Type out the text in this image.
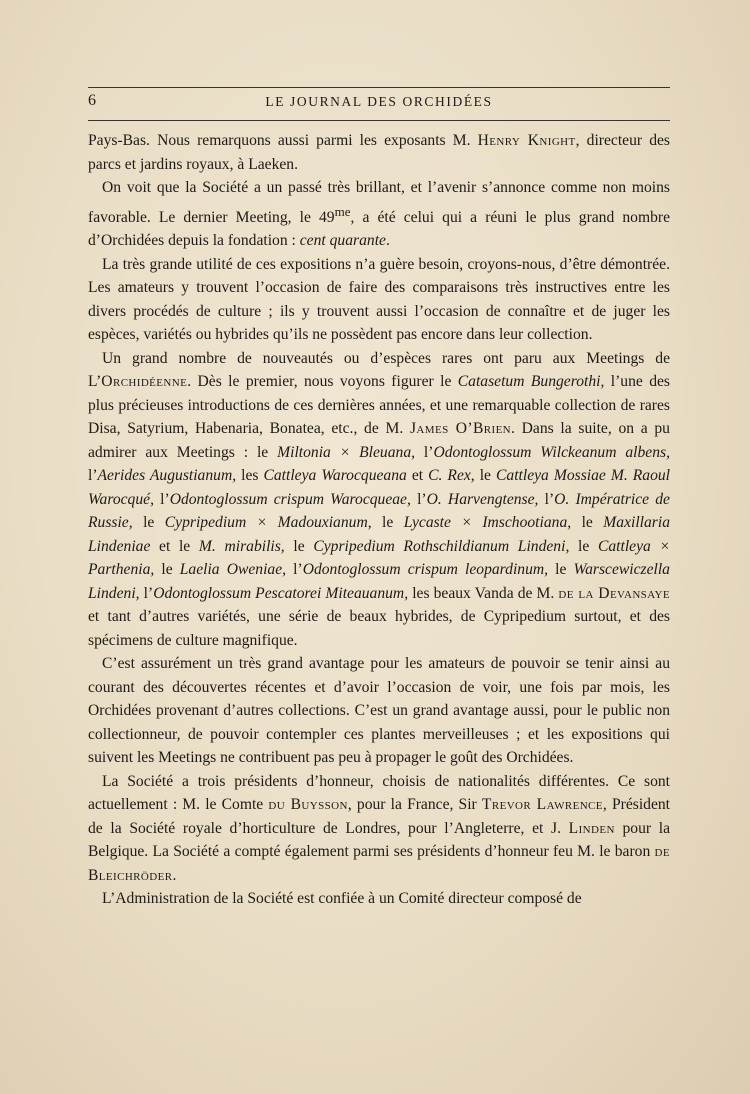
6	LE JOURNAL DES ORCHIDÉES

Pays-Bas. Nous remarquons aussi parmi les exposants M. Henry Knight, directeur des parcs et jardins royaux, à Laeken.

On voit que la Société a un passé très brillant, et l’avenir s’annonce comme non moins favorable. Le dernier Meeting, le $49^{me}$, a été celui qui a réuni le plus grand nombre d’Orchidées depuis la fondation : cent quarante.

La très grande utilité de ces expositions n’a guère besoin, croyons-nous, d’être démontrée. Les amateurs y trouvent l’occasion de faire des comparaisons très instructives entre les divers procédés de culture ; ils y trouvent aussi l’occasion de connaître et de juger les espèces, variétés ou hybrides qu’ils ne possèdent pas encore dans leur collection.

Un grand nombre de nouveautés ou d’espèces rares ont paru aux Meetings de L’Orchidéenne. Dès le premier, nous voyons figurer le Catasetum Bungerothi, l’une des plus précieuses introductions de ces dernières années, et une remarquable collection de rares Disa, Satyrium, Habenaria, Bonatea, etc., de M. James O’Brien. Dans la suite, on a pu admirer aux Meetings : le Miltonia × Bleuana, l’Odontoglossum Wilckeanum albens, l’Aerides Augustianum, les Cattleya Warocqueana et C. Rex, le Cattleya Mossiae M. Raoul Warocqué, l’Odontoglossum crispum Warocqueae, l’O. Harvengtense, l’O. Impératrice de Russie, le Cypripedium × Madouxianum, le Lycaste × Imschootiana, le Maxillaria Lindeniae et le M. mirabilis, le Cypripedium Rothschildianum Lindeni, le Cattleya × Parthenia, le Laelia Oweniae, l’Odontoglossum crispum leopardinum, le Warscewiczella Lindeni, l’Odontoglossum Pescatorei Miteauanum, les beaux Vanda de M. de la Devansaye et tant d’autres variétés, une série de beaux hybrides, de Cypripedium surtout, et des spécimens de culture magnifique.

C’est assurément un très grand avantage pour les amateurs de pouvoir se tenir ainsi au courant des découvertes récentes et d’avoir l’occasion de voir, une fois par mois, les Orchidées provenant d’autres collections. C’est un grand avantage aussi, pour le public non collectionneur, de pouvoir contempler ces plantes merveilleuses ; et les expositions qui suivent les Meetings ne contribuent pas peu à propager le goût des Orchidées.

La Société a trois présidents d’honneur, choisis de nationalités différentes. Ce sont actuellement : M. le Comte du Buysson, pour la France, Sir Trevor Lawrence, Président de la Société royale d’horticulture de Londres, pour l’Angleterre, et J. Linden pour la Belgique. La Société a compté également parmi ses présidents d’honneur feu M. le baron de Bleichröder.

L’Administration de la Société est confiée à un Comité directeur composé de
